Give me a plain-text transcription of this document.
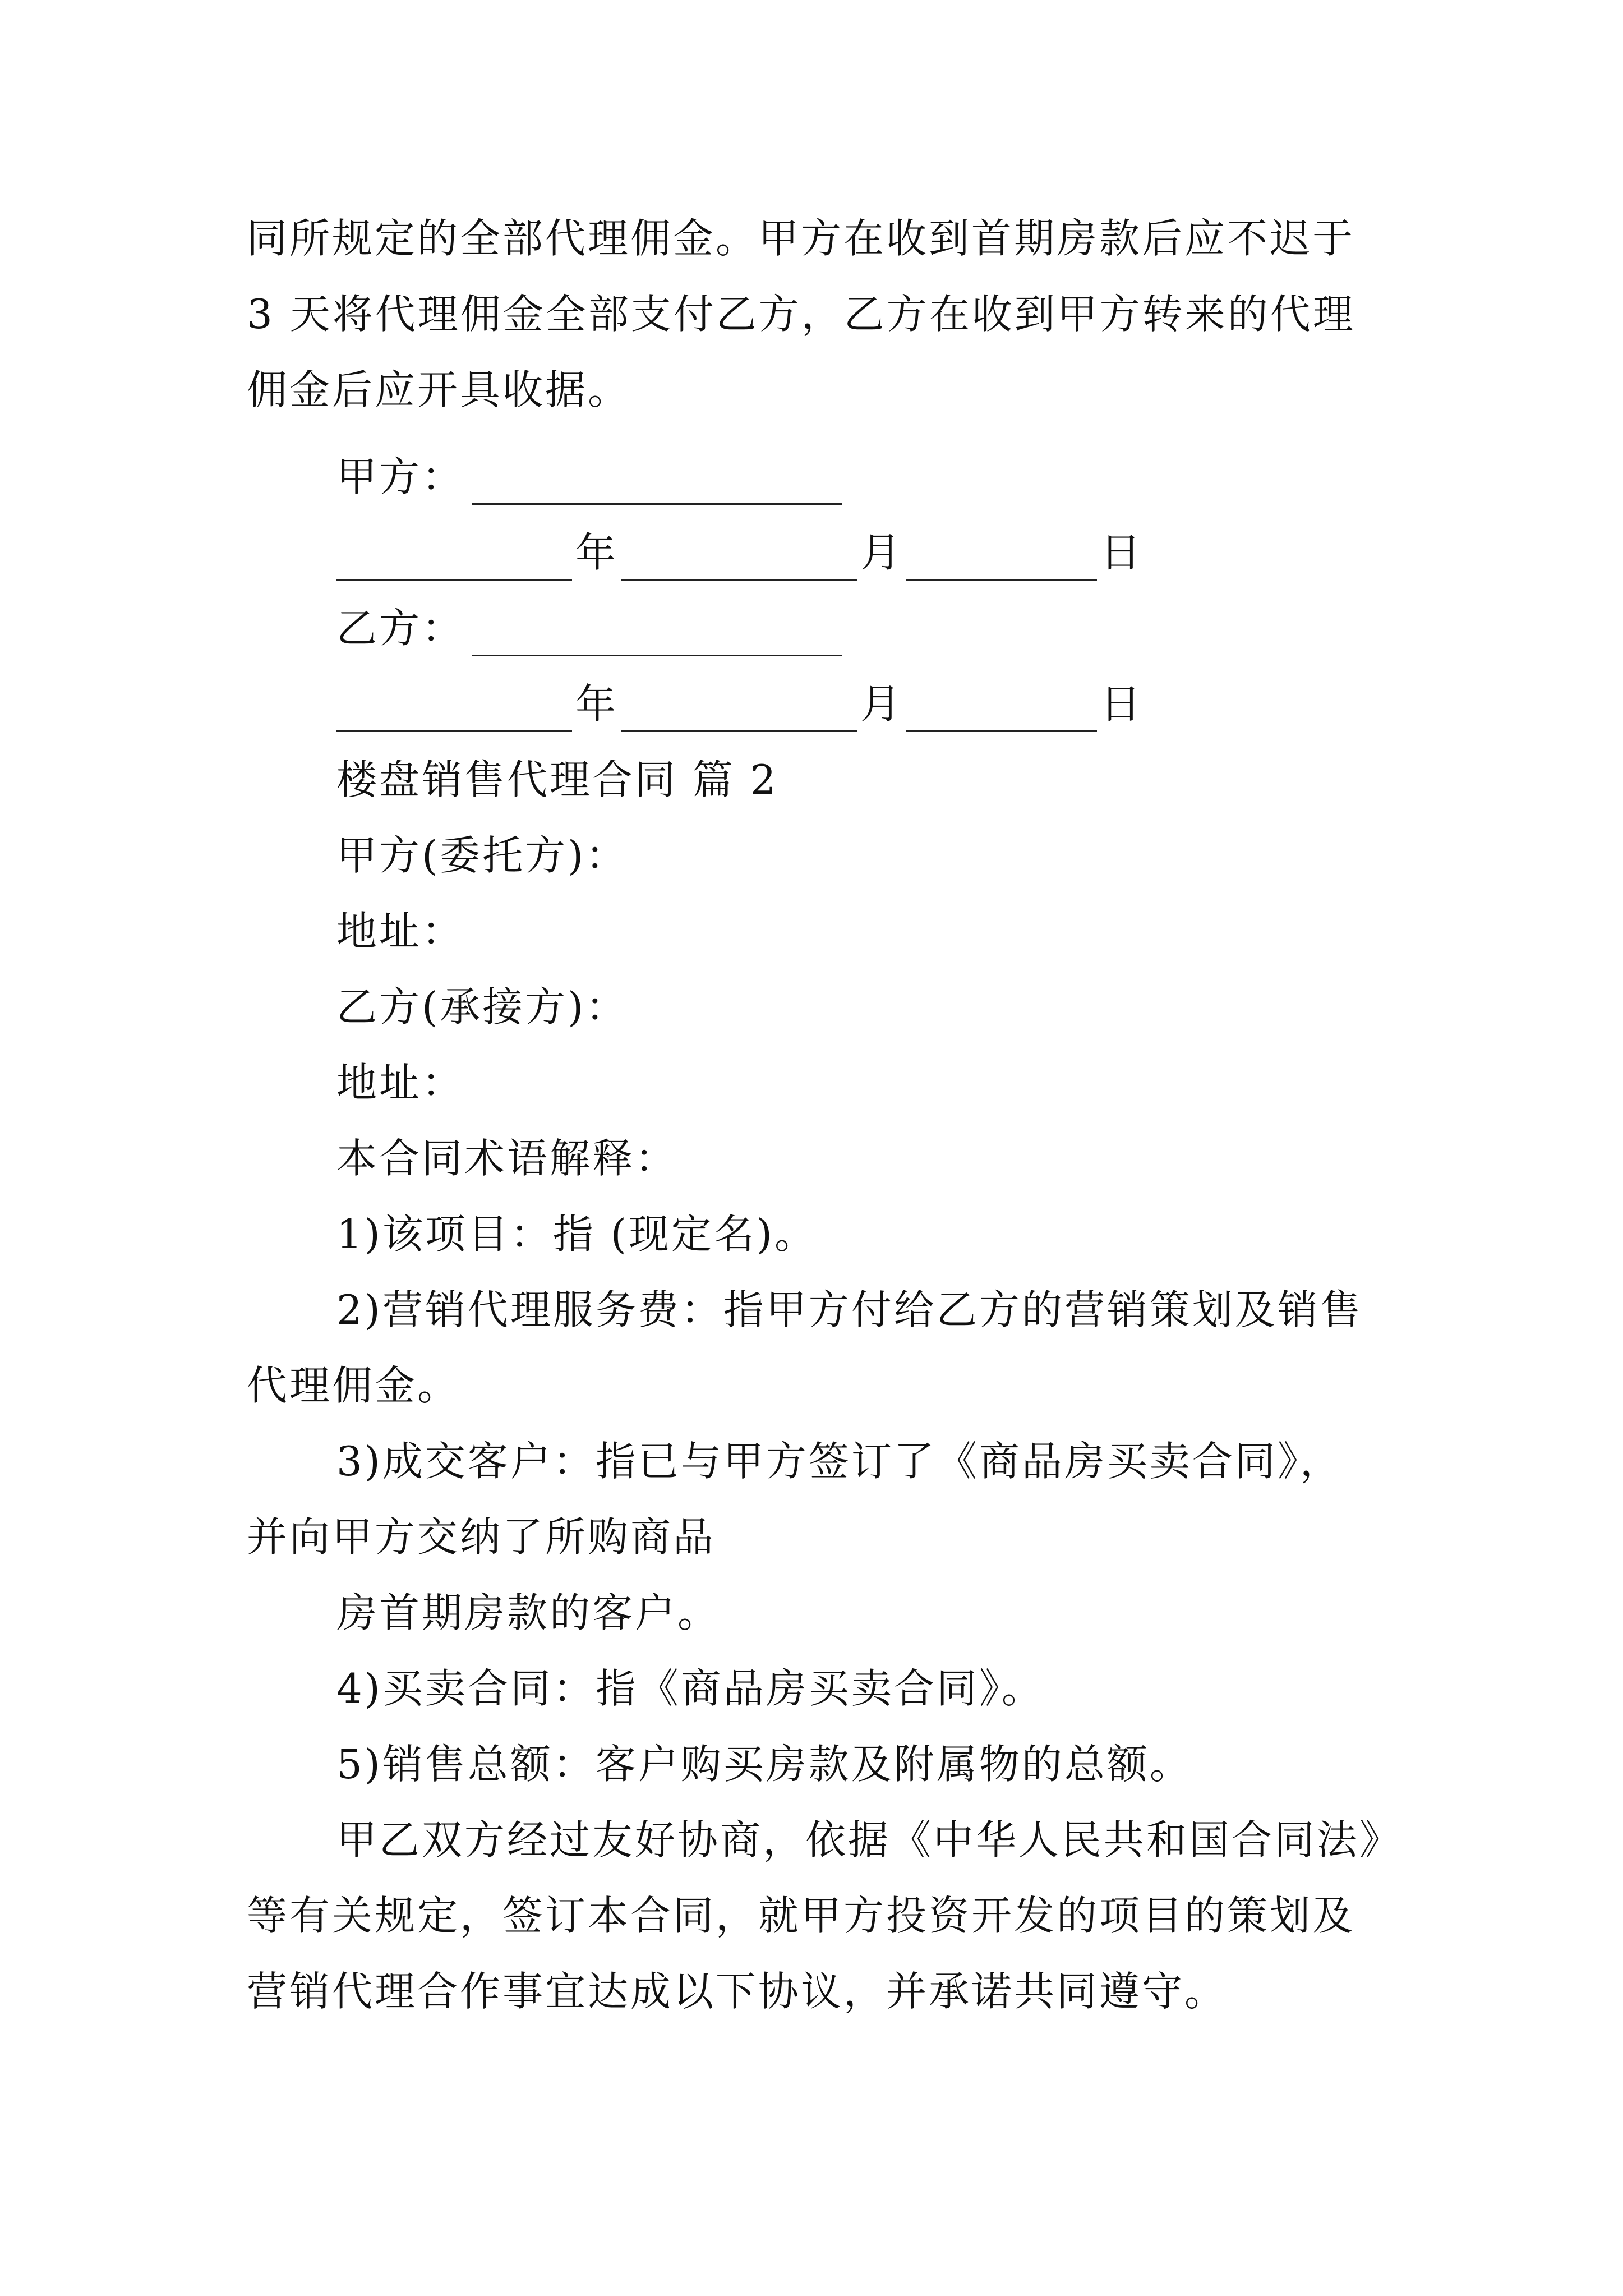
同所规定的全部代理佣金。甲方在收到首期房款后应不迟于
3 天将代理佣金全部支付乙方，乙方在收到甲方转来的代理
佣金后应开具收据。
甲方：
年	月	日
乙方：
年	月	日
楼盘销售代理合同 篇 2
甲方(委托方)：
地址：
乙方(承接方)：
地址：
本合同术语解释：
1)该项目：指 (现定名)。
2)营销代理服务费：指甲方付给乙方的营销策划及销售
代理佣金。
3)成交客户：指已与甲方签订了《商品房买卖合同》，
并向甲方交纳了所购商品
房首期房款的客户。
4)买卖合同：指《商品房买卖合同》。
5)销售总额：客户购买房款及附属物的总额。
甲乙双方经过友好协商，依据《中华人民共和国合同法》
等有关规定，签订本合同，就甲方投资开发的项目的策划及
营销代理合作事宜达成以下协议，并承诺共同遵守。
